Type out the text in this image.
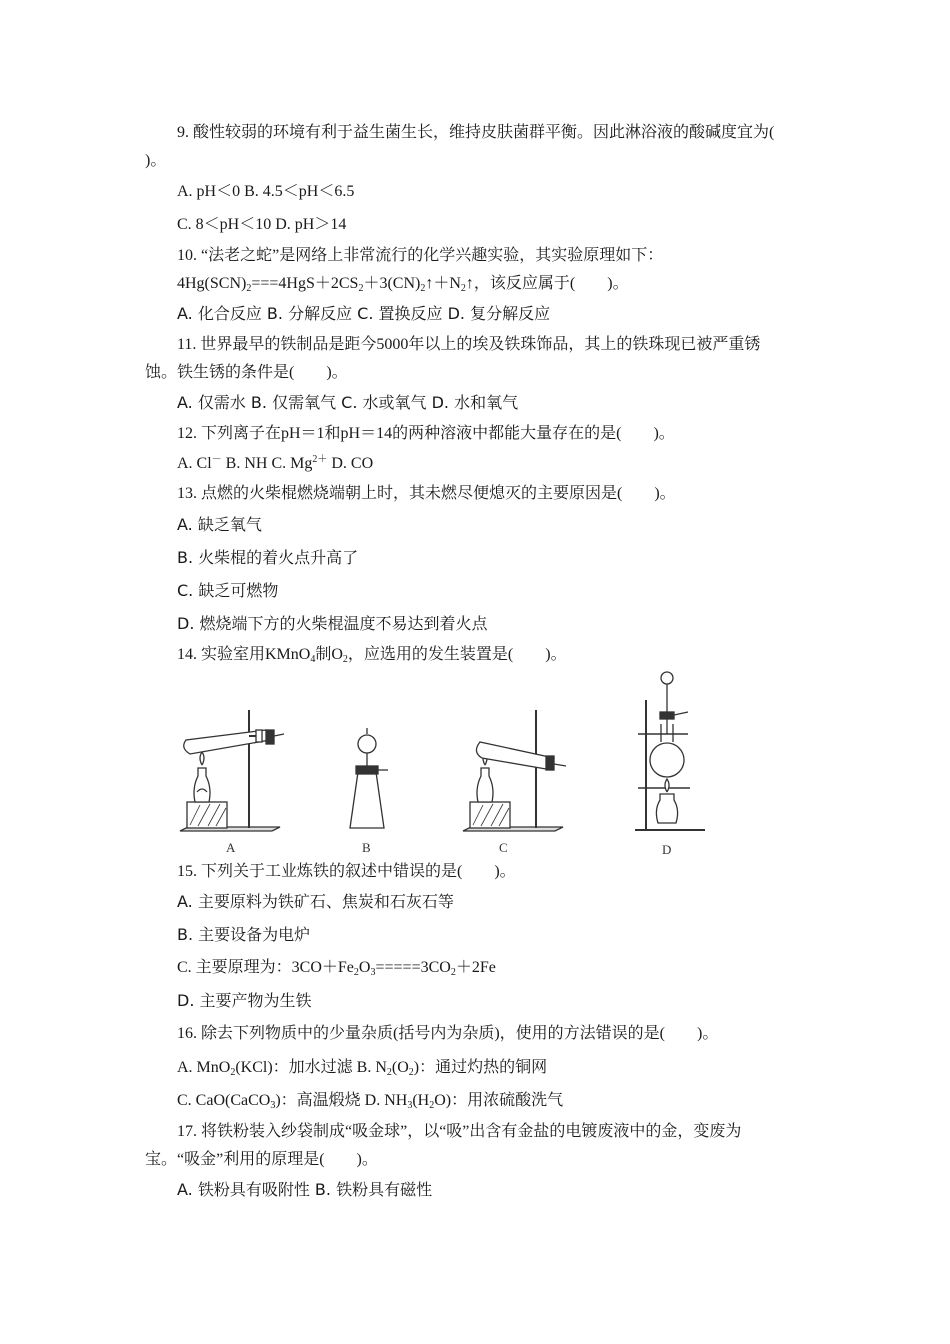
9. 酸性较弱的环境有利于益生菌生长，维持皮肤菌群平衡。因此淋浴液的酸碱度宜为(
)。
A. pH＜0 B. 4.5＜pH＜6.5
C. 8＜pH＜10 D. pH＞14
10. “法老之蛇”是网络上非常流行的化学兴趣实验，其实验原理如下：
$4Hg(SCN)_2===4HgS+2CS_2+3(CN)_2↑+N_2↑$，该反应属于(　　)。
A. 化合反应 B. 分解反应 C. 置换反应 D. 复分解反应
11. 世界最早的铁制品是距今5000年以上的埃及铁珠饰品，其上的铁珠现已被严重锈
蚀。铁生锈的条件是(　　)。
A. 仅需水 B. 仅需氧气 C. 水或氧气 D. 水和氧气
12. 下列离子在pH＝1和pH＝14的两种溶液中都能大量存在的是(　　)。
A. Cl－ B. NH C. $Mg^{2+}$ D. CO
13. 点燃的火柴棍燃烧端朝上时，其未燃尽便熄灭的主要原因是(　　)。
A. 缺乏氧气
B. 火柴棍的着火点升高了
C. 缺乏可燃物
D. 燃烧端下方的火柴棍温度不易达到着火点
14. 实验室用KMnO$_4$制$O_2$，应选用的发生装置是(　　)。
A	B	C	D
15. 下列关于工业炼铁的叙述中错误的是(　　)。
A. 主要原料为铁矿石、焦炭和石灰石等
B. 主要设备为电炉
C. 主要原理为：$3CO+Fe_2O_3=====3CO_2+2Fe$
D. 主要产物为生铁
16. 除去下列物质中的少量杂质(括号内为杂质)，使用的方法错误的是(　　)。
A. MnO$_2$(KCl)：加水过滤 B. $N_2(O_2)$：通过灼热的铜网
C. CaO(CaCO$_3$)：高温煅烧 D. $NH_3(H_2O)$：用浓硫酸洗气
17. 将铁粉装入纱袋制成“吸金球”，以“吸”出含有金盐的电镀废液中的金，变废为
宝。“吸金”利用的原理是(　　)。
A. 铁粉具有吸附性 B. 铁粉具有磁性
